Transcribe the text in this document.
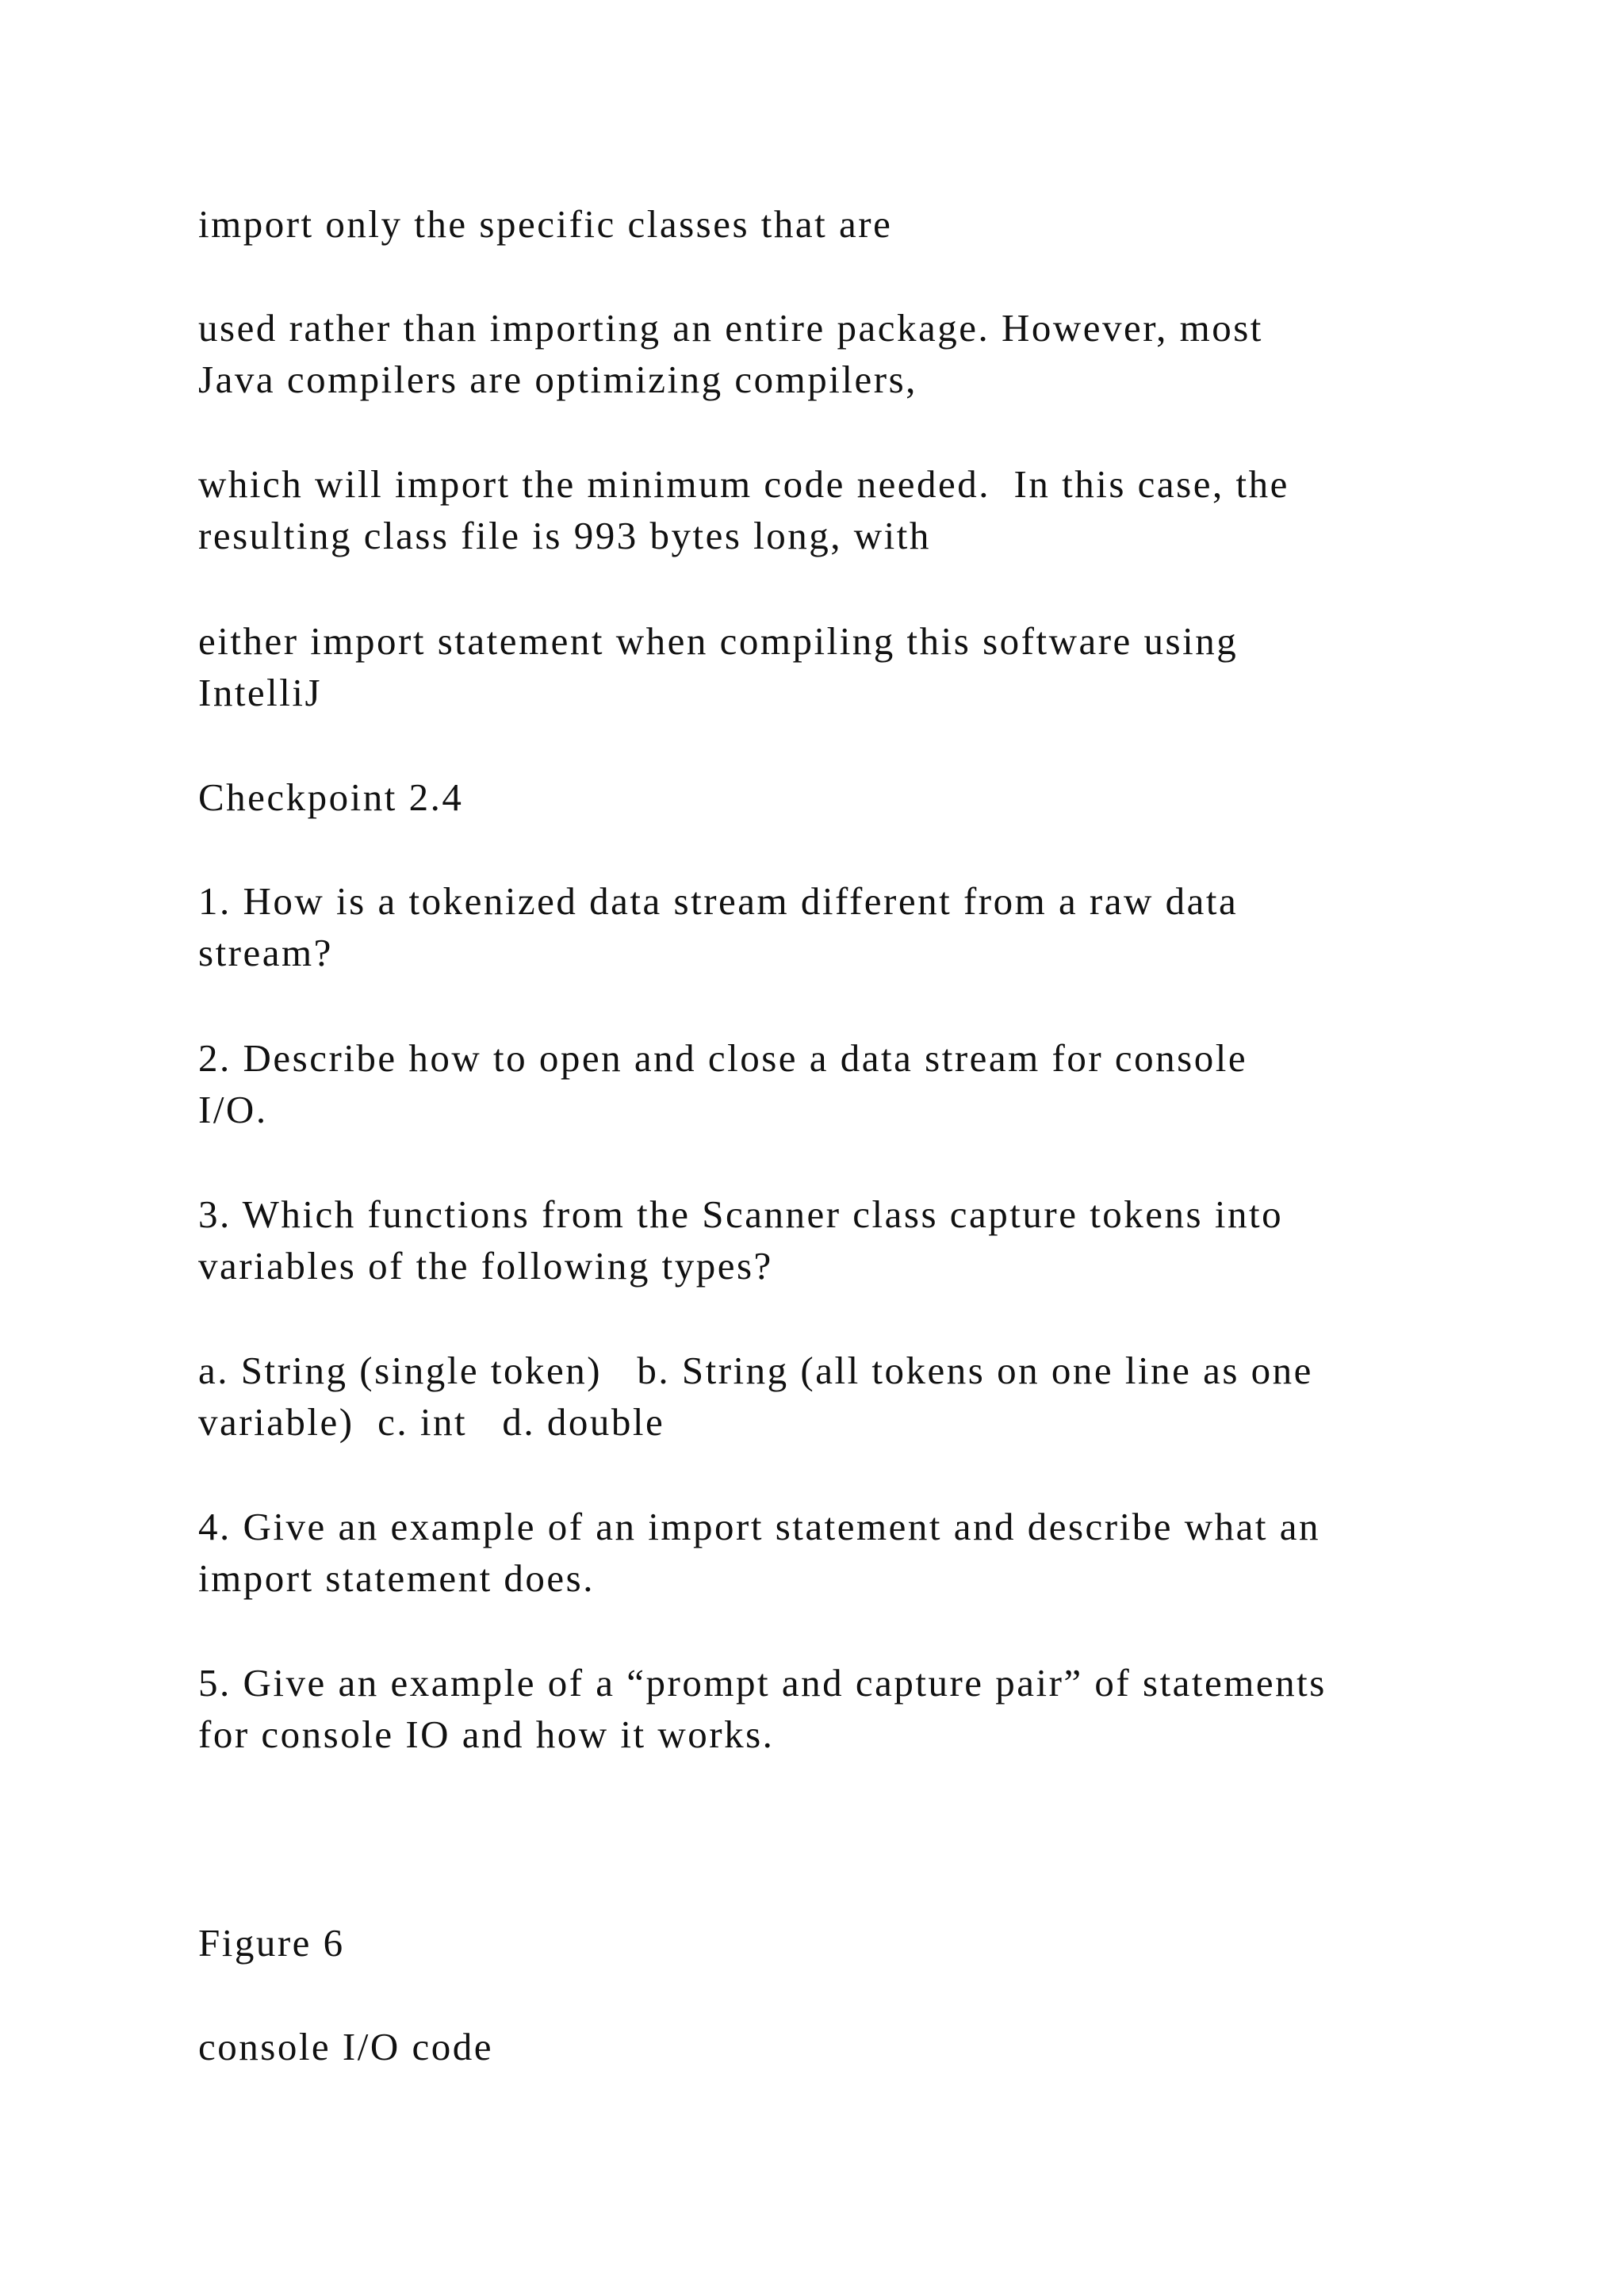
import only the specific classes that are

used rather than importing an entire package. However, most
Java compilers are optimizing compilers,

which will import the minimum code needed.  In this case, the
resulting class file is 993 bytes long, with

either import statement when compiling this software using
IntelliJ

Checkpoint 2.4

1. How is a tokenized data stream different from a raw data
stream?

2. Describe how to open and close a data stream for console
I/O.

3. Which functions from the Scanner class capture tokens into
variables of the following types?

a. String (single token)   b. String (all tokens on one line as one
variable)  c. int   d. double

4. Give an example of an import statement and describe what an
import statement does.

5. Give an example of a “prompt and capture pair” of statements
for console IO and how it works.

Figure 6

console I/O code
